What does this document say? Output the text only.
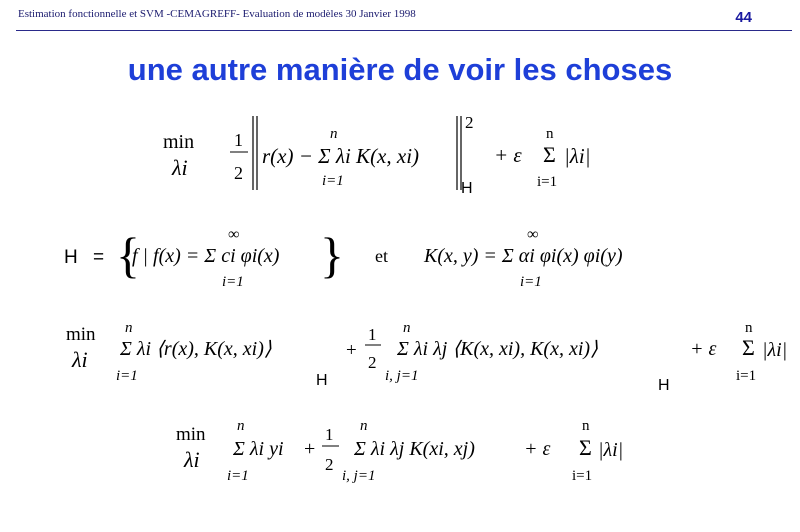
Estimation fonctionnelle et SVM -CEMAGREFF- Evaluation de modèles 30 Janvier 1998	44
une autre manière de voir les choses
min
λi
1
2
n
r(x) − Σ λi K(x, xi)
i=1
2
H
+ ε
n
Σ
i=1
|λi|
H = {	∞
f | f(x) = Σ ci φi(x)
i=1 } et
∞
K(x, y) = Σ αi φi(x) φi(y)
i=1
min
λi
n
Σ λi ⟨r(x), K(x, xi)⟩
i=1	H
+
1
2
n
Σ λi λj ⟨K(x, xi), K(x, xi)⟩
i, j=1
H
+ ε
n
Σ
i=1
|λi|
min
λi
n
Σ λi yi
i=1
+
1
2
n
Σ λi λj K(xi, xj)
i, j=1
+ ε
n
Σ
i=1
|λi|
